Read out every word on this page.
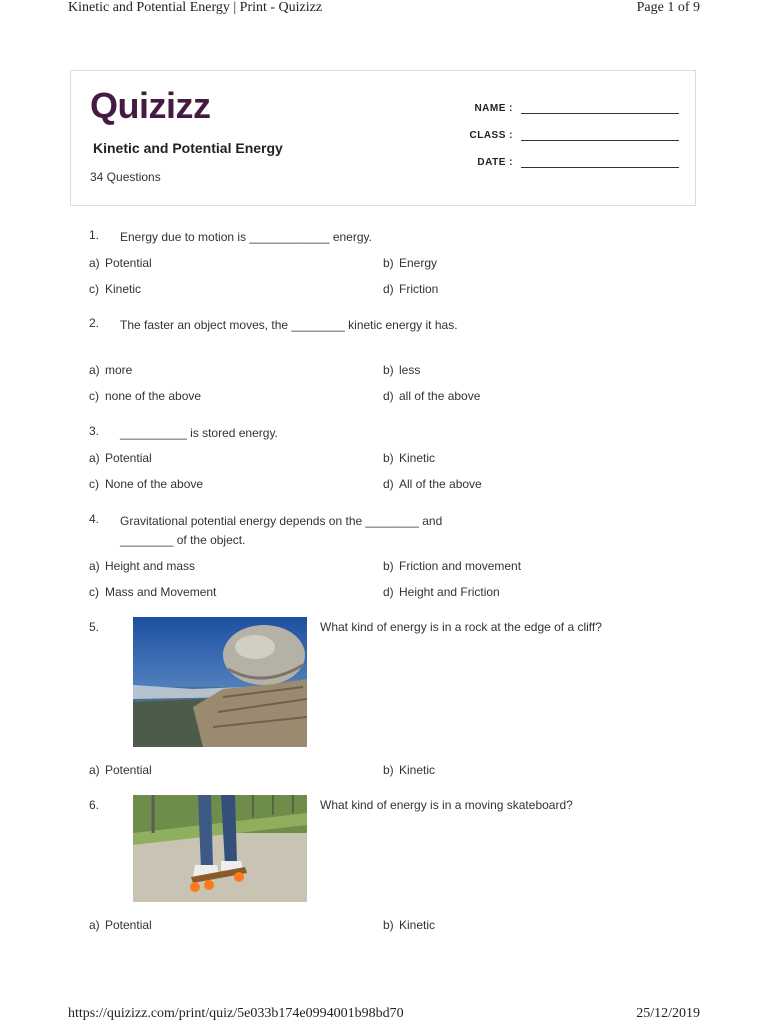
Kinetic and Potential Energy | Print - Quizizz	Page 1 of 9
Quizizz
Kinetic and Potential Energy
34 Questions
NAME :
CLASS :
DATE :
1.	Energy due to motion is ____________ energy.
a) Potential	b) Energy
c) Kinetic	d) Friction
2.	The faster an object moves, the ________ kinetic energy it has.
a) more	b) less
c) none of the above	d) all of the above
3.	__________ is stored energy.
a) Potential	b) Kinetic
c) None of the above	d) All of the above
4.	Gravitational potential energy depends on the ________ and ________ of the object.
a) Height and mass	b) Friction and movement
c) Mass and Movement	d) Height and Friction
5.	What kind of energy is in a rock at the edge of a cliff?
a) Potential	b) Kinetic
6.	What kind of energy is in a moving skateboard?
a) Potential	b) Kinetic
https://quizizz.com/print/quiz/5e033b174e0994001b98bd70	25/12/2019
